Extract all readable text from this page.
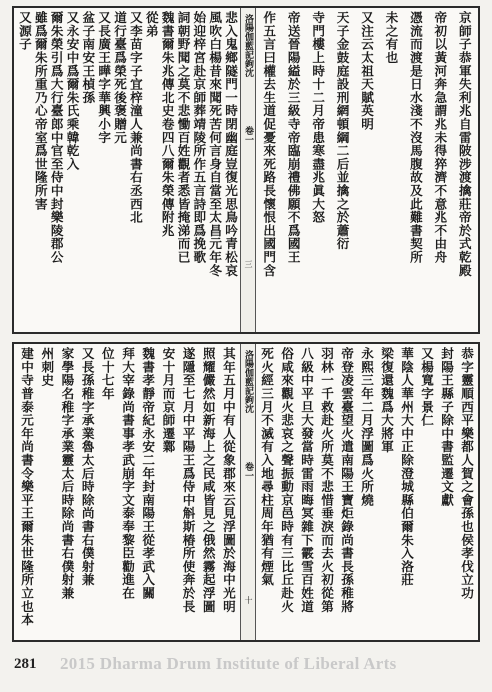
悲入鬼鄉隧門一時閉幽庭豈復光思鳥吟青松哀
風吹白楊昔來聞死苦何言身自當至太昌元年冬
始迎梓宮赴京師葬靖陵所作五言詩即爲挽歌
詞朝野聞之莫不悲慟百姓觀者悉皆掩涕而已
魏書爾朱兆傳北史卷四八爾朱榮傳附兆
從弟
又李苗字子宜梓潼人兼尚書右丞西北
道行臺爲榮死後褒贈元
又長廣王曄字華興小字
盆子南安王楨孫
又永安中爲爾朱氏乘韓乾入
爾朱榮引爲大行臺郎中官至侍中封樂陵郡公
雖爲爾朱所重乃心帝室爲世隆所害
又源子	洛陽伽藍記鉤沈
卷一
三	京師子恭軍失利兆自雷陂涉渡擒莊帝於式乾殿
帝初以黃河奔急謂兆未得猝濟不意兆不由舟
憑流而渡是日水淺不沒馬腹故及此難書契所
未之有也
又注云太祖天賦英明
天子金鼓庭設刑網頓綱二后並擒之於蕭衍
寺門樓上時十二月帝患寒盡兆眞大怒
帝送晉陽縊於三級寺帝臨崩禮佛願不爲國王
作五言曰權去生道促憂來死路長懷恨出國門含
其年五月中有人從象郡來云見浮圖於海中光明
照耀儼然如新海上之民咸皆見之俄然霧起浮圖
遂隱至七月中平陽王爲侍中斛斯椿所使奔於長
安十月而京師遷鄴
魏書孝靜帝紀永安二年封南陽王從孝武入關
拜大宰錄尚書事孝武崩字文泰奉黎臣勸進在
位十七年
又長孫稚字承業魯太后時除尚書右僕射兼
家學陽名稚字承業靈太后時除尚書右僕射兼
州刺史
建中寺普泰元年尚書令樂平王爾朱世隆所立也本	洛陽伽藍記鉤沈
卷一
十
恭字靈順西平樂都人賀之會孫也侯孝伐立功
封陽王縣子除中書監遷文獻
又楊寬字景仁
華陰人華州大中正除澄城縣伯爾朱入洛莊
梁復還魏爲大將軍
永熙三年二月浮圖爲火所燒
帝登凌雲臺望火遣南陽王寶炬錄尚書長孫稚將
羽林一千救赴火所莫不悲惜垂淚而去火初從第
八級中平旦大發當時雷雨晦冥雜下霰雪百姓道
俗咸來觀火悲哀之聲振動京邑時有三比丘赴火
死火經三月不滅有入地尋柱周年猶有煙氣
281 2015 Dharma Drum Institute of Liberal Arts
